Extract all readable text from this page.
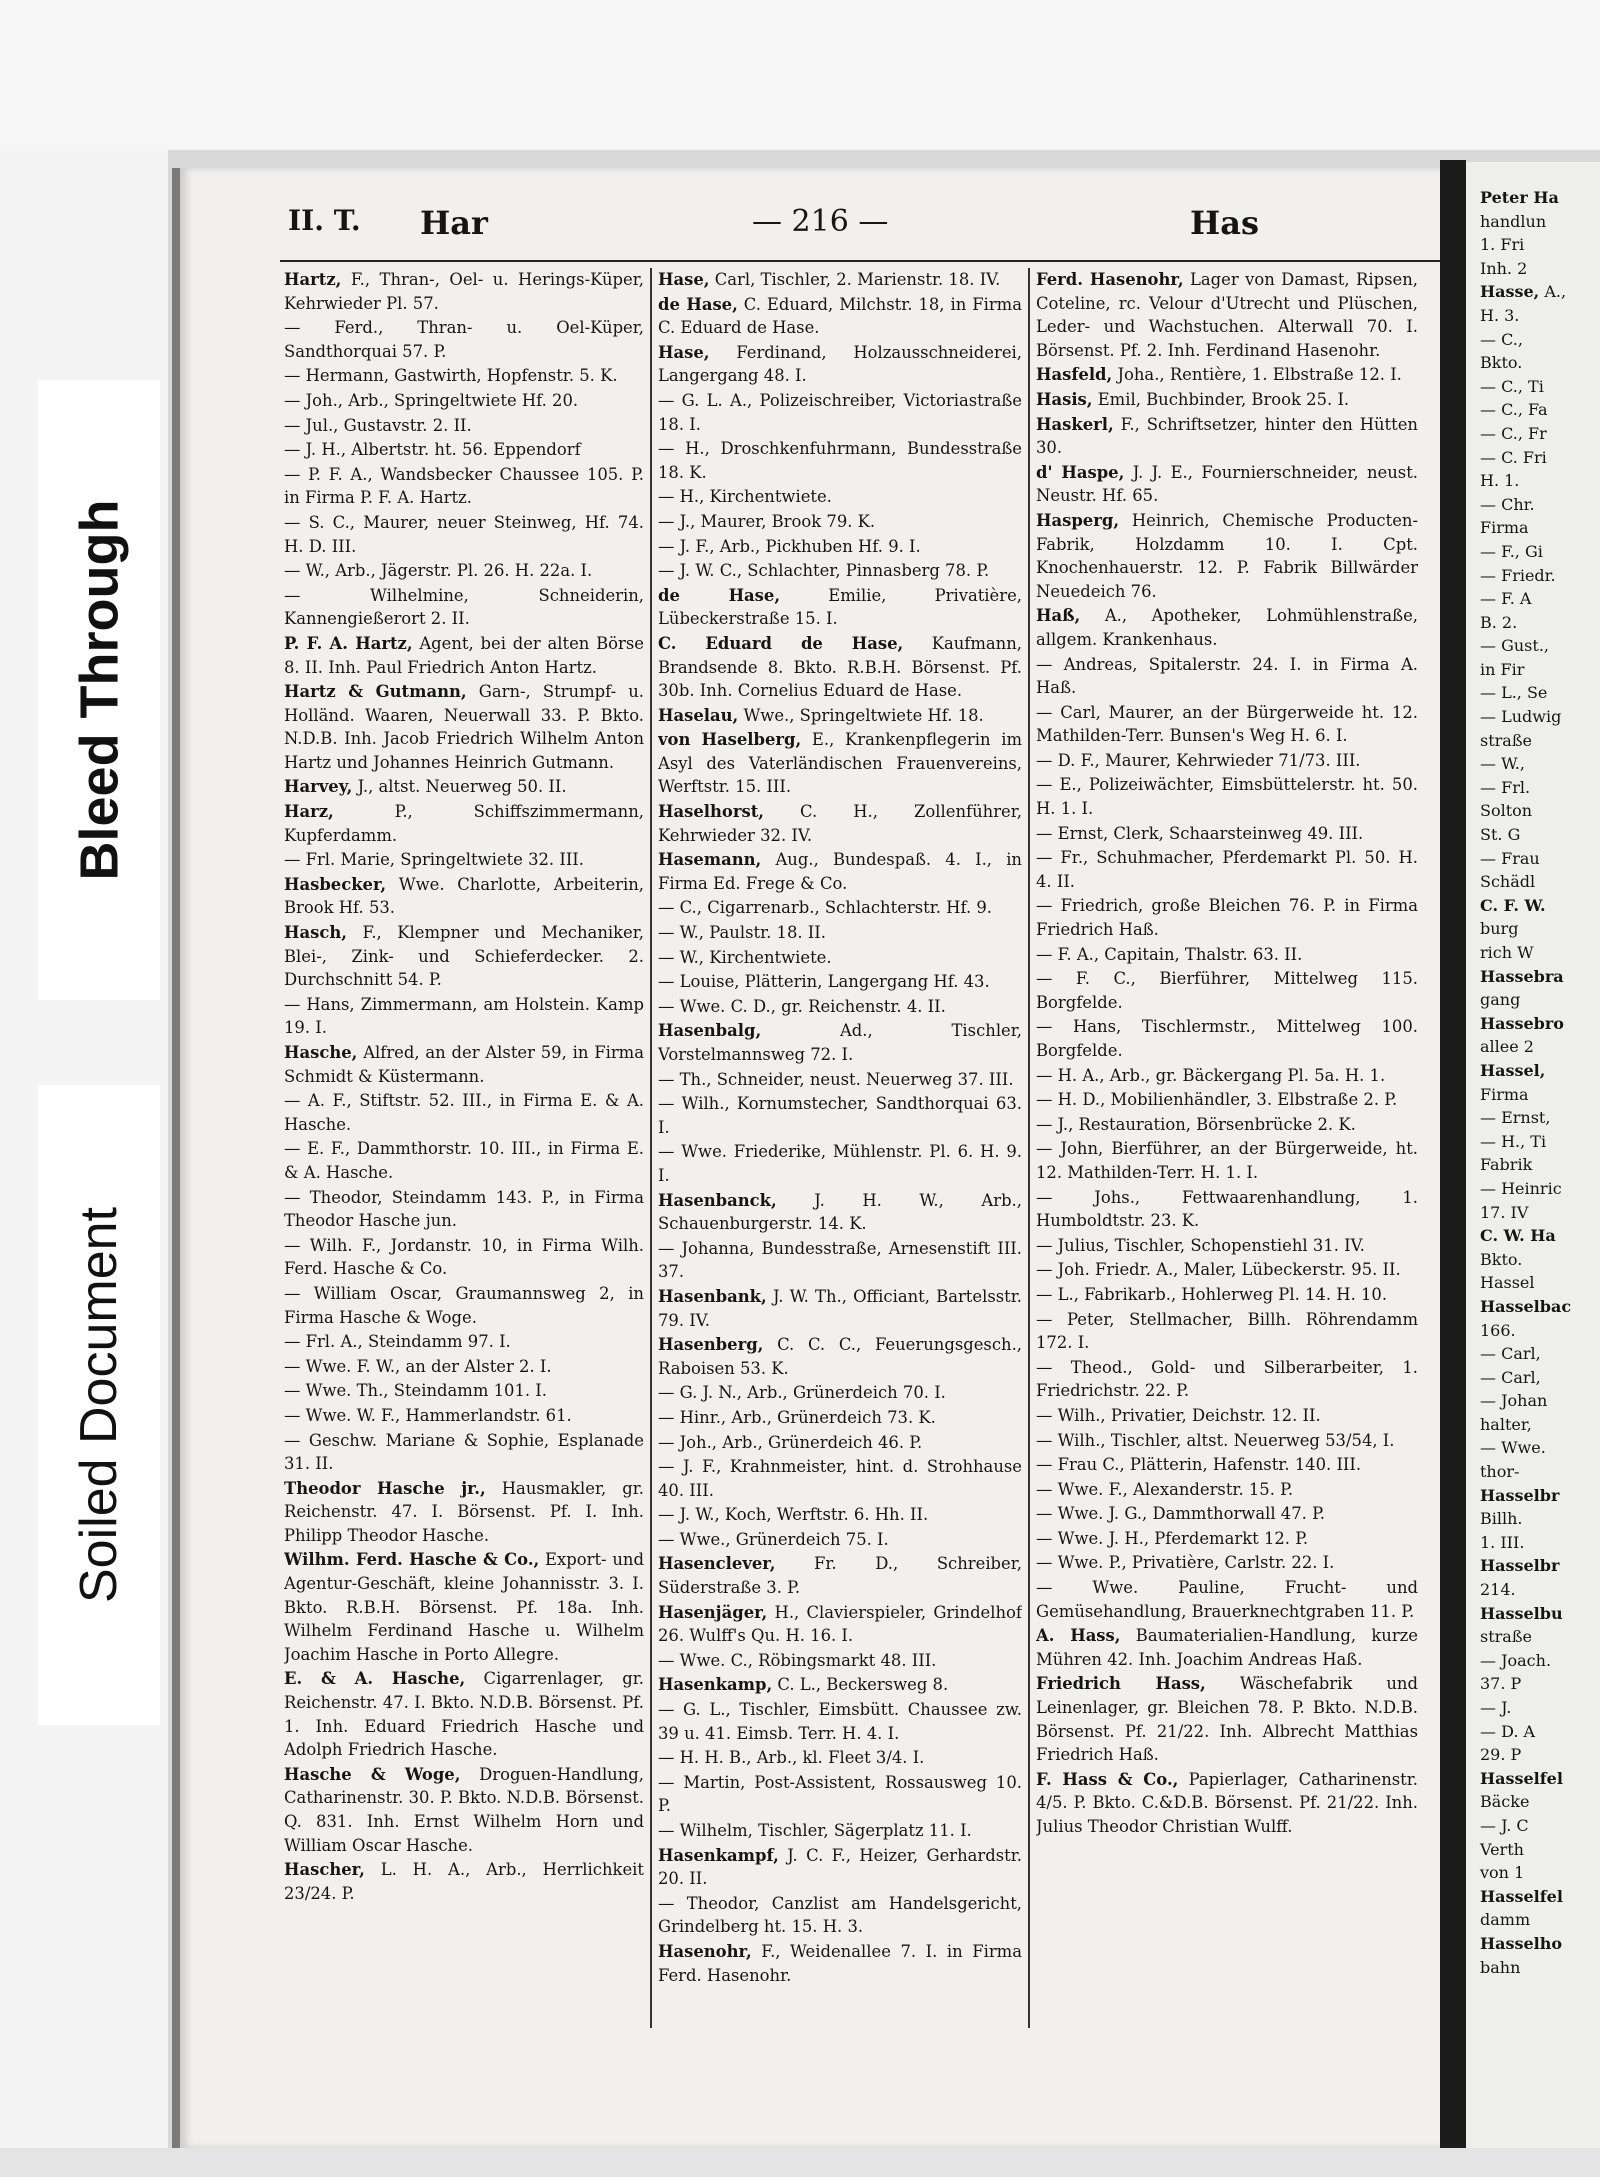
Bleed Through
Soiled Document
II. T. Har	— 216 —	Has
Hartz, F., Thran-, Oel- u. Herings-Küper, Kehrwieder Pl. 57.
— Ferd., Thran- u. Oel-Küper, Sandthorquai 57. P.
— Hermann, Gastwirth, Hopfenstr. 5. K.
— Joh., Arb., Springeltwiete Hf. 20.
— Jul., Gustavstr. 2. II.
— J. H., Albertstr. ht. 56. Eppendorf
— P. F. A., Wandsbecker Chaussee 105. P. in Firma P. F. A. Hartz.
— S. C., Maurer, neuer Steinweg, Hf. 74. H. D. III.
— W., Arb., Jägerstr. Pl. 26. H. 22a. I.
— Wilhelmine, Schneiderin, Kannengießerort 2. II.
P. F. A. Hartz, Agent, bei der alten Börse 8. II. Inh. Paul Friedrich Anton Hartz.
Hartz & Gutmann, Garn-, Strumpf- u. Holländ. Waaren, Neuerwall 33. P. Bkto. N.D.B. Inh. Jacob Friedrich Wilhelm Anton Hartz und Johannes Heinrich Gutmann.
Harvey, J., altst. Neuerweg 50. II.
Harz,	P., Schiffszimmermann, Kupferdamm.
— Frl. Marie, Springeltwiete 32. III.
Hasbecker, Wwe. Charlotte, Arbeiterin, Brook Hf. 53.
Hasch, F., Klempner und Mechaniker, Blei-, Zink- und Schieferdecker. 2. Durchschnitt 54. P.
— Hans, Zimmermann, am Holstein. Kamp 19. I.
Hasche, Alfred, an der Alster 59, in Firma Schmidt & Küstermann.
— A. F., Stiftstr. 52. III., in Firma E. & A. Hasche.
— E. F., Dammthorstr. 10. III., in Firma E. & A. Hasche.
— Theodor, Steindamm 143. P., in Firma Theodor Hasche jun.
— Wilh. F., Jordanstr. 10, in Firma Wilh. Ferd. Hasche & Co.
— William Oscar, Graumannsweg 2, in Firma Hasche & Woge.
— Frl. A., Steindamm 97. I.
— Wwe. F. W., an der Alster 2. I.
— Wwe. Th., Steindamm 101. I.
— Wwe. W. F., Hammerlandstr. 61.
— Geschw. Mariane & Sophie, Esplanade 31. II.
Theodor Hasche jr., Hausmakler, gr. Reichenstr. 47. I. Börsenst. Pf. I. Inh. Philipp Theodor Hasche.
Wilhm. Ferd. Hasche & Co., Export- und Agentur-Geschäft, kleine Johannisstr. 3. I. Bkto. R.B.H. Börsenst. Pf. 18a. Inh. Wilhelm Ferdinand Hasche u. Wilhelm Joachim Hasche in Porto Allegre.
E. & A. Hasche, Cigarrenlager, gr. Reichenstr. 47. I. Bkto. N.D.B. Börsenst. Pf. 1. Inh. Eduard Friedrich Hasche und Adolph Friedrich Hasche.
Hasche & Woge, Droguen-Handlung, Catharinenstr. 30. P. Bkto. N.D.B. Börsenst. Q. 831. Inh. Ernst Wilhelm Horn und William Oscar Hasche.
Hascher, L. H. A., Arb., Herrlichkeit 23/24. P.
Hase, Carl, Tischler, 2. Marienstr. 18. IV.
de Hase, C. Eduard, Milchstr. 18, in Firma C. Eduard de Hase.
Hase, Ferdinand, Holzausschneiderei, Langergang 48. I.
— G. L. A., Polizeischreiber, Victoriastraße 18. I.
— H., Droschkenfuhrmann, Bundesstraße 18. K.
— H., Kirchentwiete.
— J., Maurer, Brook 79. K.
— J. F., Arb., Pickhuben Hf. 9. I.
— J. W. C., Schlachter, Pinnasberg 78. P.
de Hase,	Emilie, Privatière, Lübeckerstraße 15. I.
C. Eduard de Hase, Kaufmann, Brandsende 8. Bkto. R.B.H. Börsenst. Pf. 30b. Inh. Cornelius Eduard de Hase.
Haselau, Wwe., Springeltwiete Hf. 18.
von Haselberg, E., Krankenpflegerin im Asyl des Vaterländischen Frauenvereins, Werftstr. 15. III.
Haselhorst, C. H., Zollenführer, Kehrwieder 32. IV.
Hasemann, Aug., Bundespaß. 4. I., in Firma Ed. Frege & Co.
— C., Cigarrenarb., Schlachterstr. Hf. 9.
— W., Paulstr. 18. II.
— W., Kirchentwiete.
— Louise, Plätterin, Langergang Hf. 43.
— Wwe. C. D., gr. Reichenstr. 4. II.
Hasenbalg,	Ad., Tischler, Vorstelmannsweg 72. I.
— Th., Schneider, neust. Neuerweg 37. III.
— Wilh., Kornumstecher, Sandthorquai 63. I.
— Wwe. Friederike, Mühlenstr. Pl. 6. H. 9. I.
Hasenbanck, J. H. W., Arb., Schauenburgerstr. 14. K.
— Johanna, Bundesstraße, Arnesenstift III. 37.
Hasenbank, J. W. Th., Officiant, Bartelsstr. 79. IV.
Hasenberg, C. C. C., Feuerungsgesch., Raboisen 53. K.
— G. J. N., Arb., Grünerdeich 70. I.
— Hinr., Arb., Grünerdeich 73. K.
— Joh., Arb., Grünerdeich 46. P.
— J. F., Krahnmeister, hint. d. Strohhause 40. III.
— J. W., Koch, Werftstr. 6. Hh. II.
— Wwe., Grünerdeich 75. I.
Hasenclever, Fr. D., Schreiber, Süderstraße 3. P.
Hasenjäger, H., Clavierspieler, Grindelhof 26. Wulff's Qu. H. 16. I.
— Wwe. C., Röbingsmarkt 48. III.
Hasenkamp, C. L., Beckersweg 8.
— G. L., Tischler, Eimsbütt. Chaussee zw. 39 u. 41. Eimsb. Terr. H. 4. I.
— H. H. B., Arb., kl. Fleet 3/4. I.
— Martin, Post-Assistent, Rossausweg 10. P.
— Wilhelm, Tischler, Sägerplatz 11. I.
Hasenkampf, J. C. F., Heizer, Gerhardstr. 20. II.
— Theodor, Canzlist am Handelsgericht, Grindelberg ht. 15. H. 3.
Hasenohr, F., Weidenallee 7. I. in Firma Ferd. Hasenohr.
Ferd. Hasenohr, Lager von Damast, Ripsen, Coteline, rc. Velour d'Utrecht und Plüschen, Leder- und Wachstuchen. Alterwall 70. I. Börsenst. Pf. 2. Inh. Ferdinand Hasenohr.
Hasfeld, Joha., Rentière, 1. Elbstraße 12. I.
Hasis, Emil, Buchbinder, Brook 25. I.
Haskerl, F., Schriftsetzer, hinter den Hütten 30.
d' Haspe, J. J. E., Fournierschneider, neust. Neustr. Hf. 65.
Hasperg, Heinrich, Chemische Producten-Fabrik, Holzdamm 10. I. Cpt. Knochenhauerstr. 12. P. Fabrik Billwärder Neuedeich 76.
Haß, A., Apotheker, Lohmühlenstraße, allgem. Krankenhaus.
— Andreas, Spitalerstr. 24. I. in Firma A. Haß.
— Carl, Maurer, an der Bürgerweide ht. 12. Mathilden-Terr. Bunsen's Weg H. 6. I.
— D. F., Maurer, Kehrwieder 71/73. III.
— E., Polizeiwächter, Eimsbüttelerstr. ht. 50. H. 1. I.
— Ernst, Clerk, Schaarsteinweg 49. III.
— Fr., Schuhmacher, Pferdemarkt Pl. 50. H. 4. II.
— Friedrich, große Bleichen 76. P. in Firma Friedrich Haß.
— F. A., Capitain, Thalstr. 63. II.
— F. C., Bierführer, Mittelweg 115. Borgfelde.
— Hans, Tischlermstr., Mittelweg 100. Borgfelde.
— H. A., Arb., gr. Bäckergang Pl. 5a. H. 1.
— H. D., Mobilienhändler, 3. Elbstraße 2. P.
— J., Restauration, Börsenbrücke 2. K.
— John, Bierführer, an der Bürgerweide, ht. 12. Mathilden-Terr. H. 1. I.
— Johs., Fettwaarenhandlung, 1. Humboldtstr. 23. K.
— Julius, Tischler, Schopenstiehl 31. IV.
— Joh. Friedr. A., Maler, Lübeckerstr. 95. II.
— L., Fabrikarb., Hohlerweg Pl. 14. H. 10.
— Peter, Stellmacher, Billh. Röhrendamm 172. I.
— Theod., Gold- und Silberarbeiter, 1. Friedrichstr. 22. P.
— Wilh., Privatier, Deichstr. 12. II.
— Wilh., Tischler, altst. Neuerweg 53/54, I.
— Frau C., Plätterin, Hafenstr. 140. III.
— Wwe. F., Alexanderstr. 15. P.
— Wwe. J. G., Dammthorwall 47. P.
— Wwe. J. H., Pferdemarkt 12. P.
— Wwe. P., Privatière, Carlstr. 22. I.
— Wwe. Pauline, Frucht- und Gemüsehandlung, Brauerknechtgraben 11. P.
A. Hass, Baumaterialien-Handlung, kurze Mühren 42. Inh. Joachim Andreas Haß.
Friedrich Hass, Wäschefabrik und Leinenlager, gr. Bleichen 78. P. Bkto. N.D.B. Börsenst. Pf. 21/22. Inh. Albrecht Matthias Friedrich Haß.
F. Hass & Co., Papierlager, Catharinenstr. 4/5. P. Bkto. C.&D.B. Börsenst. Pf. 21/22. Inh. Julius Theodor Christian Wulff.
Peter Ha
handlun
1. Fri
Inh. 2
Hasse, A.,
H. 3.
— C.,
Bkto.
— C., Ti
— C., Fa
— C., Fr
— C. Fri
H. 1.
— Chr.
Firma
— F., Gi
— Friedr.
— F. A
B. 2.
— Gust.,
in Fir
— L., Se
— Ludwig
straße
— W.,
— Frl.
Solton
St. G
— Frau
Schädl
C. F. W.
burg
rich W
Hassebra
gang
Hassebro
allee 2
Hassel,
Firma
— Ernst,
— H., Ti
Fabrik
— Heinric
17. IV
C. W. Ha
Bkto.
Hassel
Hasselbac
166.
— Carl,
— Carl,
— Johan
halter,
— Wwe.
thor-
Hasselbr
Billh.
1. III.
Hasselbr
214.
Hasselbu
straße
— Joach.
37. P
— J.
— D. A
29. P
Hasselfel
Bäcke
— J. C
Verth
von 1
Hasselfel
damm
Hasselho
bahn
